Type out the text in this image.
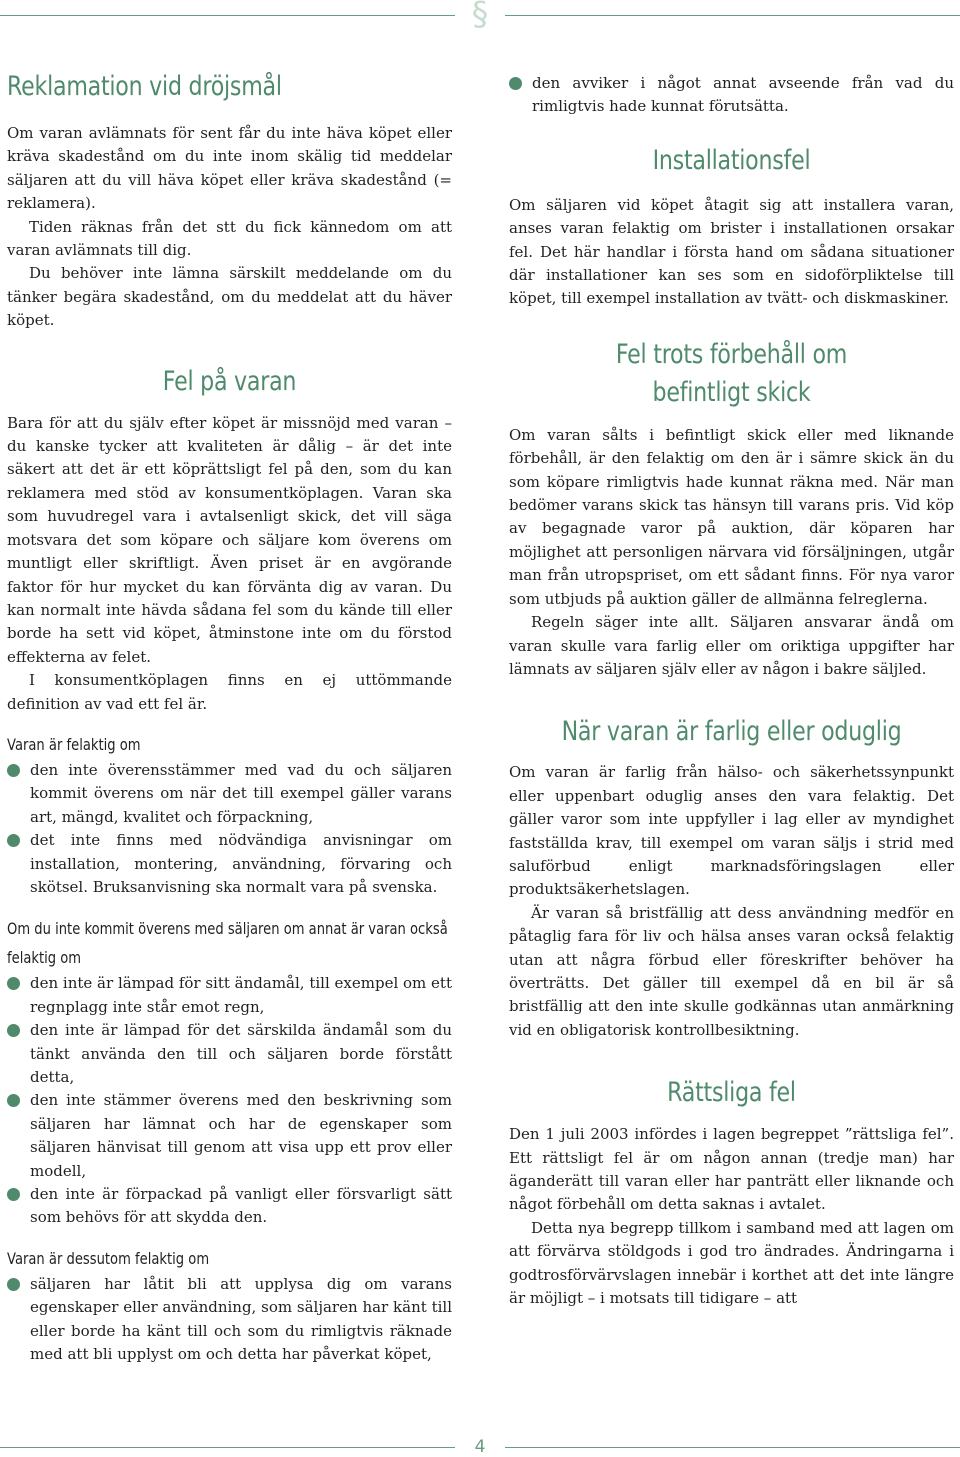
§
Reklamation vid dröjsmål

Om varan avlämnats för sent får du inte häva köpet eller kräva skadestånd om du inte inom skälig tid meddelar säljaren att du vill häva köpet eller kräva skadestånd (= reklamera).

Tiden räknas från det stt du fick kännedom om att varan avlämnats till dig.

Du behöver inte lämna särskilt meddelande om du tänker begära skadestånd, om du meddelat att du häver köpet.

Fel på varan

Bara för att du själv efter köpet är missnöjd med varan – du kanske tycker att kvaliteten är dålig – är det inte säkert att det är ett köprättsligt fel på den, som du kan reklamera med stöd av konsumentköplagen. Varan ska som huvudregel vara i avtalsenligt skick, det vill säga motsvara det som köpare och säljare kom överens om muntligt eller skriftligt. Även priset är en avgörande faktor för hur mycket du kan förvänta dig av varan. Du kan normalt inte hävda sådana fel som du kände till eller borde ha sett vid köpet, åtminstone inte om du förstod effekterna av felet.

I konsumentköplagen finns en ej uttömmande definition av vad ett fel är.

Varan är felaktig om
den inte överensstämmer med vad du och säljaren kommit överens om när det till exempel gäller varans art, mängd, kvalitet och förpackning,
det inte finns med nödvändiga anvisningar om installation, montering, användning, förvaring och skötsel. Bruksanvisning ska normalt vara på svenska.
Om du inte kommit överens med säljaren om annat är varan också felaktig om
den inte är lämpad för sitt ändamål, till exempel om ett regnplagg inte står emot regn,
den inte är lämpad för det särskilda ändamål som du tänkt använda den till och säljaren borde förstått detta,
den inte stämmer överens med den beskrivning som säljaren har lämnat och har de egenskaper som säljaren hänvisat till genom att visa upp ett prov eller modell,
den inte är förpackad på vanligt eller försvarligt sätt som behövs för att skydda den.
Varan är dessutom felaktig om
säljaren har låtit bli att upplysa dig om varans egenskaper eller användning, som säljaren har känt till eller borde ha känt till och som du rimligtvis räknade med att bli upplyst om och detta har påverkat köpet,
den avviker i något annat avseende från vad du rimligtvis hade kunnat förutsätta.
Installationsfel

Om säljaren vid köpet åtagit sig att installera varan, anses varan felaktig om brister i installationen orsakar fel. Det här handlar i första hand om sådana situationer där installationer kan ses som en sidoförpliktelse till köpet, till exempel installation av tvätt- och diskmaskiner.

Fel trots förbehåll om
befintligt skick

Om varan sålts i befintligt skick eller med liknande förbehåll, är den felaktig om den är i sämre skick än du som köpare rimligtvis hade kunnat räkna med. När man bedömer varans skick tas hänsyn till varans pris. Vid köp av begagnade varor på auktion, där köparen har möjlighet att personligen närvara vid försäljningen, utgår man från utropspriset, om ett sådant finns. För nya varor som utbjuds på auktion gäller de allmänna felreglerna.

Regeln säger inte allt. Säljaren ansvarar ändå om varan skulle vara farlig eller om oriktiga uppgifter har lämnats av säljaren själv eller av någon i bakre säljled.

När varan är farlig eller oduglig

Om varan är farlig från hälso- och säkerhetssynpunkt eller uppenbart oduglig anses den vara felaktig. Det gäller varor som inte uppfyller i lag eller av myndighet fastställda krav, till exempel om varan säljs i strid med saluförbud enligt marknadsföringslagen eller produktsäkerhetslagen.

Är varan så bristfällig att dess användning medför en påtaglig fara för liv och hälsa anses varan också felaktig utan att några förbud eller föreskrifter behöver ha överträtts. Det gäller till exempel då en bil är så bristfällig att den inte skulle godkännas utan anmärkning vid en obligatorisk kontrollbesiktning.

Rättsliga fel

Den 1 juli 2003 infördes i lagen begreppet ”rättsliga fel”. Ett rättsligt fel är om någon annan (tredje man) har äganderätt till varan eller har panträtt eller liknande och något förbehåll om detta saknas i avtalet.

Detta nya begrepp tillkom i samband med att lagen om att förvärva stöldgods i god tro ändrades. Ändringarna i godtrosförvärvslagen innebär i korthet att det inte längre är möjligt – i motsats till tidigare – att

4
